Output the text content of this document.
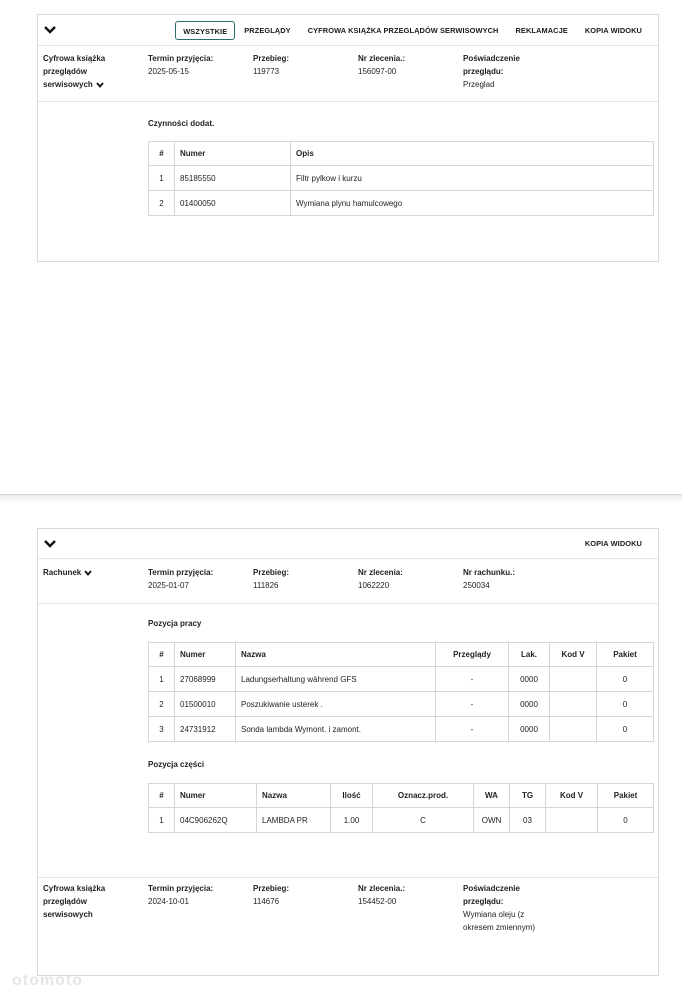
WSZYSTKIE	PRZEGLĄDY	CYFROWA KSIĄŻKA PRZEGLĄDÓW SERWISOWYCH	REKLAMACJE	KOPIA WIDOKU
Cyfrowa książka przeglądów serwisowych
Termin przyjęcia:
2025-05-15
Przebieg:
119773
Nr zlecenia.:
156097-00
Poświadczenie przeglądu:
Przeglad
Czynności dodat.
#	Numer	Opis
1	85185550	Filtr pylkow i kurzu
2	01400050	Wymiana plynu hamulcowego
KOPIA WIDOKU
Rachunek	Termin przyjęcia:
2025-01-07
Przebieg:
111826
Nr zlecenia:
1062220
Nr rachunku.:
250034
Pozycja pracy
#	Numer	Nazwa	Przeglądy	Lak.	Kod V	Pakiet
1	27068999	Ladungserhaltung während GFS	-	0000		0
2	01500010	Poszukiwanie usterek .	-	0000		0
3	24731912	Sonda lambda Wymont. i zamont.	-	0000		0
Pozycja części
#	Numer	Nazwa	Ilość	Oznacz.prod.	WA	TG	Kod V	Pakiet
1	04C906262Q	LAMBDA PR	1.00	C	OWN	03		0
Cyfrowa książka przeglądów serwisowych
Termin przyjęcia:
2024-10-01
Przebieg:
114676
Nr zlecenia.:
154452-00
Poświadczenie przeglądu:
Wymiana oleju (z okresem zmiennym)
otomoto
